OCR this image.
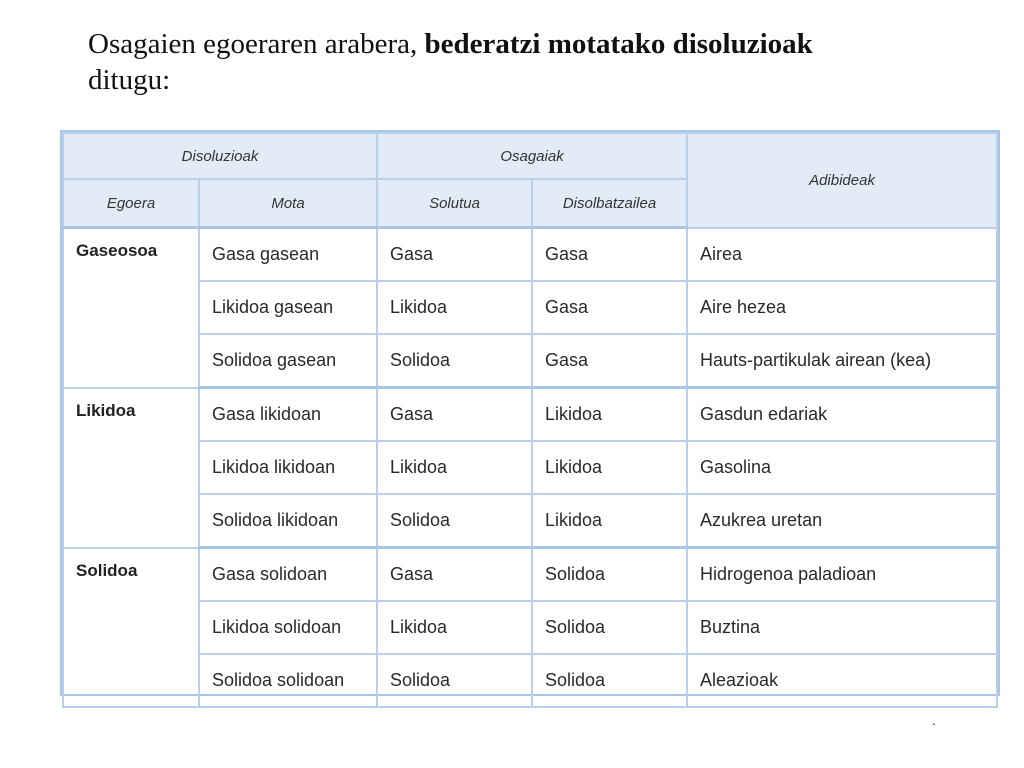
Osagaien egoeraren arabera, bederatzi motatako disoluzioak
ditugu:
Disoluzioak		Osagaiak		Adibideak
Egoera	Mota	Solutua	Disolbatzailea	
Gaseosoa	Gasa gasean	Gasa	Gasa	Airea
	Likidoa gasean	Likidoa	Gasa	Aire hezea
	Solidoa gasean	Solidoa	Gasa	Hauts-partikulak airean (kea)
Likidoa	Gasa likidoan	Gasa	Likidoa	Gasdun edariak
	Likidoa likidoan	Likidoa	Likidoa	Gasolina
	Solidoa likidoan	Solidoa	Likidoa	Azukrea uretan
Solidoa	Gasa solidoan	Gasa	Solidoa	Hidrogenoa paladioan
	Likidoa solidoan	Likidoa	Solidoa	Buztina
	Solidoa solidoan	Solidoa	Solidoa	Aleazioak
.
